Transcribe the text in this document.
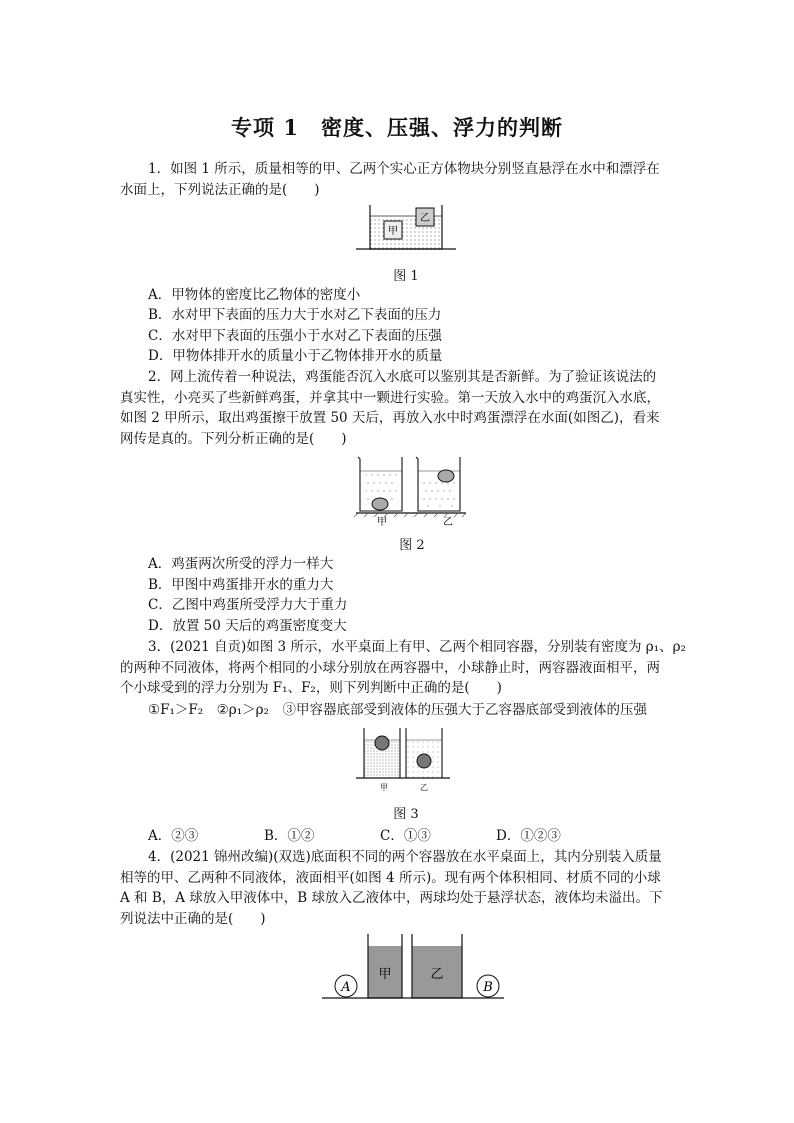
专项 1　密度、压强、浮力的判断
1．如图 1 所示，质量相等的甲、乙两个实心正方体物块分别竖直悬浮在水中和漂浮在
水面上，下列说法正确的是(　　)
甲
乙
图 1
A．甲物体的密度比乙物体的密度小
B．水对甲下表面的压力大于水对乙下表面的压力
C．水对甲下表面的压强小于水对乙下表面的压强
D．甲物体排开水的质量小于乙物体排开水的质量
2．网上流传着一种说法，鸡蛋能否沉入水底可以鉴别其是否新鲜。为了验证该说法的
真实性，小亮买了些新鲜鸡蛋，并拿其中一颗进行实验。第一天放入水中的鸡蛋沉入水底，
如图 2 甲所示，取出鸡蛋擦干放置 50 天后，再放入水中时鸡蛋漂浮在水面(如图乙)，看来
网传是真的。下列分析正确的是(　　)
甲	乙
图 2
A．鸡蛋两次所受的浮力一样大
B．甲图中鸡蛋排开水的重力大
C．乙图中鸡蛋所受浮力大于重力
D．放置 50 天后的鸡蛋密度变大
3．(2021 自贡)如图 3 所示，水平桌面上有甲、乙两个相同容器，分别装有密度为 ρ₁、ρ₂
的两种不同液体，将两个相同的小球分别放在两容器中，小球静止时，两容器液面相平，两
个小球受到的浮力分别为 F₁、F₂，则下列判断中正确的是(　　)
①F₁＞F₂　②ρ₁＞ρ₂　③甲容器底部受到液体的压强大于乙容器底部受到液体的压强
甲	乙
图 3
A．②③	B．①②	C．①③	D．①②③
4．(2021 锦州改编)(双选)底面积不同的两个容器放在水平桌面上，其内分别装入质量
相等的甲、乙两种不同液体，液面相平(如图 4 所示)。现有两个体积相同、材质不同的小球
A 和 B，A 球放入甲液体中，B 球放入乙液体中，两球均处于悬浮状态，液体均未溢出。下
列说法中正确的是(　　)
甲	乙
A	B
